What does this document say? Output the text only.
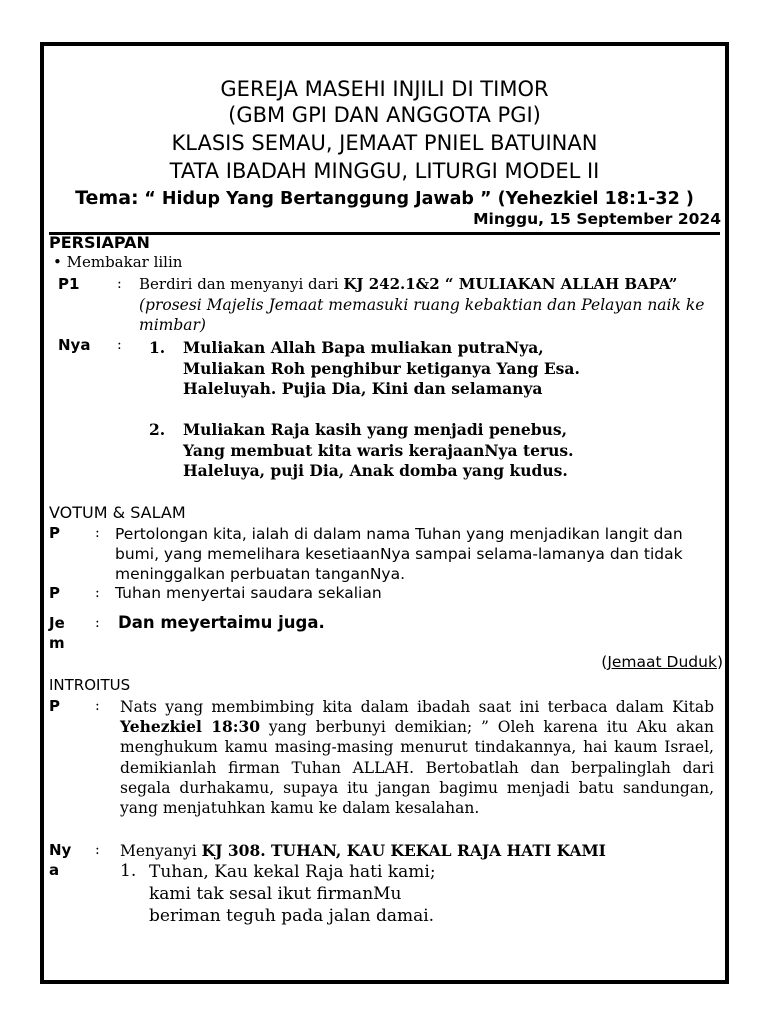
GEREJA MASEHI INJILI DI TIMOR
(GBM GPI DAN ANGGOTA PGI)
KLASIS SEMAU, JEMAAT PNIEL BATUINAN
TATA IBADAH MINGGU, LITURGI MODEL II
Tema: “ Hidup Yang Bertanggung Jawab ” (Yehezkiel 18:1-32 )
Minggu, 15 September 2024
PERSIAPAN
• Membakar lilin
P1	: Berdiri dan menyanyi dari KJ 242.1&2 “ MULIAKAN ALLAH BAPA”
(prosesi Majelis Jemaat memasuki ruang kebaktian dan Pelayan naik ke mimbar)
Nya : 1. Muliakan Allah Bapa muliakan putraNya,
Muliakan Roh penghibur ketiganya Yang Esa.
Haleluyah. Pujia Dia, Kini dan selamanya
2. Muliakan Raja kasih yang menjadi penebus,
Yang membuat kita waris kerajaanNya terus.
Haleluya, puji Dia, Anak domba yang kudus.
VOTUM & SALAM
P	: Pertolongan kita, ialah di dalam nama Tuhan yang menjadikan langit dan bumi, yang memelihara kesetiaanNya sampai selama-lamanya dan tidak meninggalkan perbuatan tanganNya.
P	: Tuhan menyertai saudara sekalian
Je
m
: Dan meyertaimu juga.
(Jemaat Duduk)
INTROITUS
P	: Nats yang membimbing kita dalam ibadah saat ini terbaca dalam Kitab Yehezkiel 18:30 yang berbunyi demikian; ” Oleh karena itu Aku akan menghukum kamu masing-masing menurut tindakannya, hai kaum Israel, demikianlah firman Tuhan ALLAH. Bertobatlah dan berpalinglah dari segala durhakamu, supaya itu jangan bagimu menjadi batu sandungan, yang menjatuhkan kamu ke dalam kesalahan.
Ny
a
: Menyanyi KJ 308. TUHAN, KAU KEKAL RAJA HATI KAMI
1. Tuhan, Kau kekal Raja hati kami;
kami tak sesal ikut firmanMu
beriman teguh pada jalan damai.
